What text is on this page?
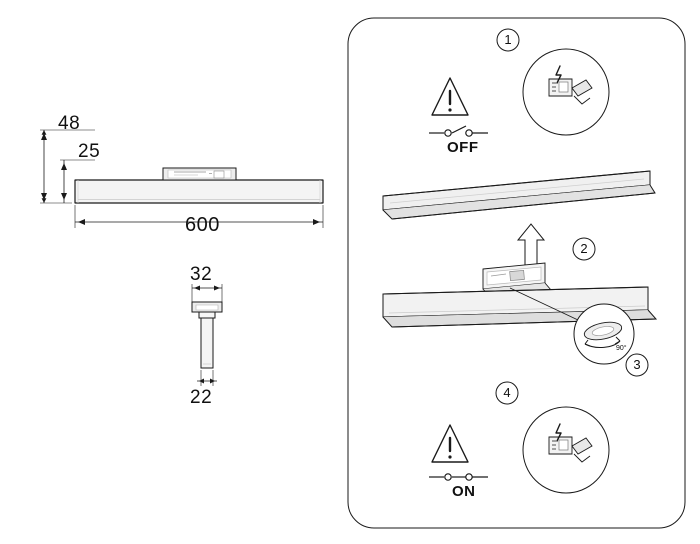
48
25
600
32
22
OFF
ON
1
2
3
4
90°
